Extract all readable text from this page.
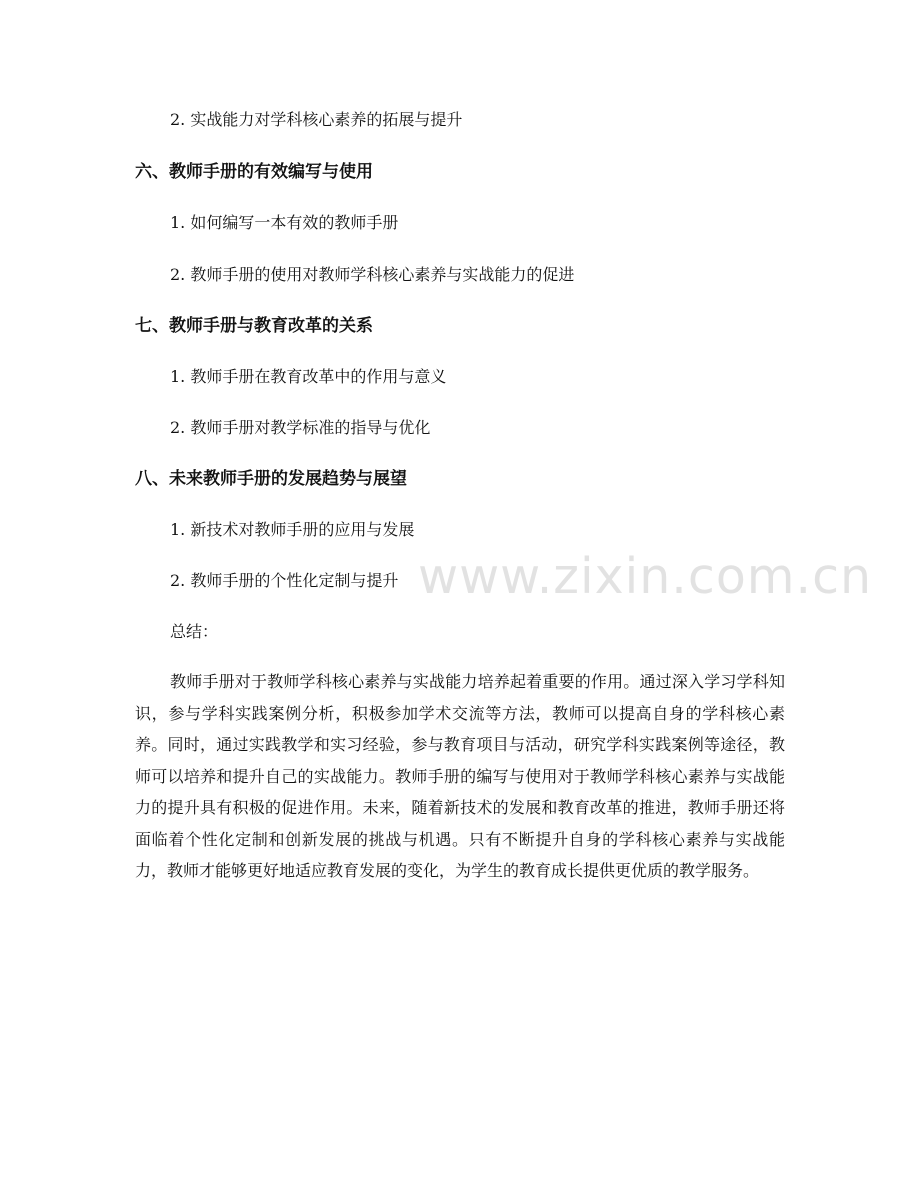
2. 实战能力对学科核心素养的拓展与提升
六、教师手册的有效编写与使用
1. 如何编写一本有效的教师手册
2. 教师手册的使用对教师学科核心素养与实战能力的促进
七、教师手册与教育改革的关系
1. 教师手册在教育改革中的作用与意义
2. 教师手册对教学标准的指导与优化
八、未来教师手册的发展趋势与展望
1. 新技术对教师手册的应用与发展
2. 教师手册的个性化定制与提升 www.zixin.com.cn
总结：
教师手册对于教师学科核心素养与实战能力培养起着重要的作用。通过深入学习学科知识，参与学科实践案例分析，积极参加学术交流等方法，教师可以提高自身的学科核心素养。同时，通过实践教学和实习经验，参与教育项目与活动，研究学科实践案例等途径，教师可以培养和提升自己的实战能力。教师手册的编写与使用对于教师学科核心素养与实战能力的提升具有积极的促进作用。未来，随着新技术的发展和教育改革的推进，教师手册还将面临着个性化定制和创新发展的挑战与机遇。只有不断提升自身的学科核心素养与实战能力，教师才能够更好地适应教育发展的变化，为学生的教育成长提供更优质的教学服务。
